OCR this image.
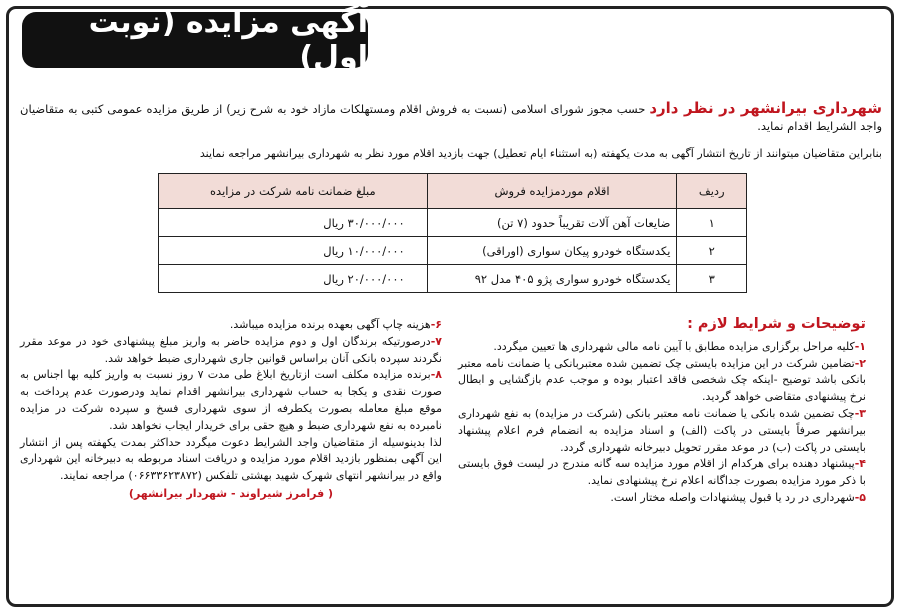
آگهی مزایده (نوبت اول)
شهرداری بیرانشهر در نظر دارد حسب مجوز شورای اسلامی (نسبت به فروش اقلام ومستهلکات مازاد خود به شرح زیر) از طریق مزایده عمومی کتبی به متقاضیان واجد الشرایط اقدام نماید.
بنابراین متقاضیان میتوانند از تاریخ انتشار آگهی به مدت یکهفته (به استثناء ایام تعطیل) جهت بازدید اقلام مورد نظر به شهرداری بیرانشهر مراجعه نمایند
ردیف	اقلام موردمزایده فروش	مبلغ ضمانت نامه شرکت در مزایده
۱	ضایعات آهن آلات تقریباً حدود (۷ تن)	۳۰/۰۰۰/۰۰۰ ریال
۲	یکدستگاه خودرو پیکان سواری (اوراقی)	۱۰/۰۰۰/۰۰۰ ریال
۳	یکدستگاه خودرو سواری پژو ۴۰۵ مدل ۹۲	۲۰/۰۰۰/۰۰۰ ریال
توضیحات و شرایط لازم :

۱-کلیه مراحل برگزاری مزایده مطابق با آیین نامه مالی شهرداری ها تعیین میگردد.

۲-تضامین شرکت در این مزایده بایستی چک تضمین شده معتبربانکی یا ضمانت نامه معتبر بانکی باشد توضیح -اینکه چک شخصی فاقد اعتبار بوده و موجب عدم بازگشایی و ابطال نرخ پیشنهادی متقاضی خواهد گردید.

۳-چک تضمین شده بانکی یا ضمانت نامه معتبر بانکی (شرکت در مزایده) به نفع شهرداری بیرانشهر صرفاً بایستی در پاکت (الف) و اسناد مزایده به انضمام فرم اعلام پیشنهاد بایستی در پاکت (ب) در موعد مقرر تحویل دبیرخانه شهرداری گردد.

۴-پیشنهاد دهنده برای هرکدام از اقلام مورد مزایده سه گانه مندرج در لیست فوق بایستی با ذکر مورد مزایده بصورت جداگانه اعلام نرخ پیشنهادی نماید.

۵-شهرداری در رد یا قبول پیشنهادات واصله مختار است.

۶-هزینه چاپ آگهی بعهده برنده مزایده میباشد.

۷-درصورتیکه برندگان اول و دوم مزایده حاضر به واریز مبلغ پیشنهادی خود در موعد مقرر نگردند سپرده بانکی آنان براساس قوانین جاری شهرداری ضبط خواهد شد.

۸-برنده مزایده مکلف است ازتاریخ ابلاغ طی مدت ۷ روز نسبت به واریز کلیه بها اجناس به صورت نقدی و یکجا به حساب شهرداری بیرانشهر اقدام نماید ودرصورت عدم پرداخت به موقع مبلغ معامله بصورت یکطرفه از سوی شهرداری فسخ و سپرده شرکت در مزایده نامبرده به نفع شهرداری ضبط و هیچ حقی برای خریدار ایجاب نخواهد شد.

لذا بدینوسیله از متقاضیان واجد الشرایط دعوت میگردد حداکثر بمدت یکهفته پس از انتشار این آگهی بمنظور بازدید اقلام مورد مزایده و دریافت اسناد مربوطه به دبیرخانه این شهرداری واقع در بیرانشهر انتهای شهرک شهید بهشتی تلفکس (۰۶۶۳۳۶۲۳۸۷۲) مراجعه نمایند.

( فرامرز شیراوند - شهردار بیرانشهر)
